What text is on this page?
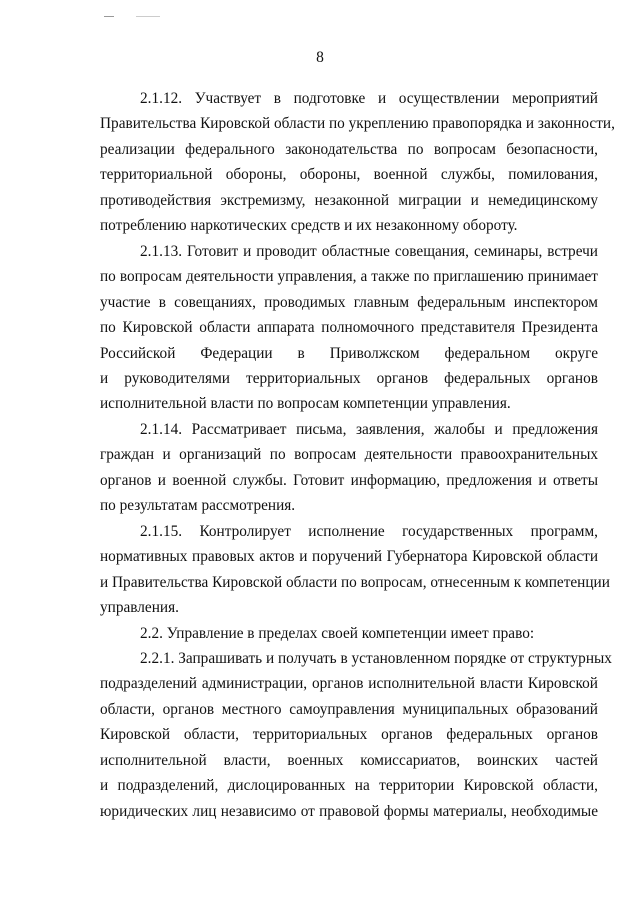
8
2.1.12. Участвует в подготовке и осуществлении мероприятий
Правительства Кировской области по укреплению правопорядка и законности,
реализации федерального законодательства по вопросам безопасности,
территориальной обороны, обороны, военной службы, помилования,
противодействия экстремизму, незаконной миграции и немедицинскому
потреблению наркотических средств и их незаконному обороту.
2.1.13. Готовит и проводит областные совещания, семинары, встречи
по вопросам деятельности управления, а также по приглашению принимает
участие в совещаниях, проводимых главным федеральным инспектором
по Кировской области аппарата полномочного представителя Президента
Российской Федерации в Приволжском федеральном округе
и руководителями территориальных органов федеральных органов
исполнительной власти по вопросам компетенции управления.
2.1.14. Рассматривает письма, заявления, жалобы и предложения
граждан и организаций по вопросам деятельности правоохранительных
органов и военной службы. Готовит информацию, предложения и ответы
по результатам рассмотрения.
2.1.15. Контролирует исполнение государственных программ,
нормативных правовых актов и поручений Губернатора Кировской области
и Правительства Кировской области по вопросам, отнесенным к компетенции
управления.
2.2. Управление в пределах своей компетенции имеет право:
2.2.1. Запрашивать и получать в установленном порядке от структурных
подразделений администрации, органов исполнительной власти Кировской
области, органов местного самоуправления муниципальных образований
Кировской области, территориальных органов федеральных органов
исполнительной власти, военных комиссариатов, воинских частей
и подразделений, дислоцированных на территории Кировской области,
юридических лиц независимо от правовой формы материалы, необходимые
